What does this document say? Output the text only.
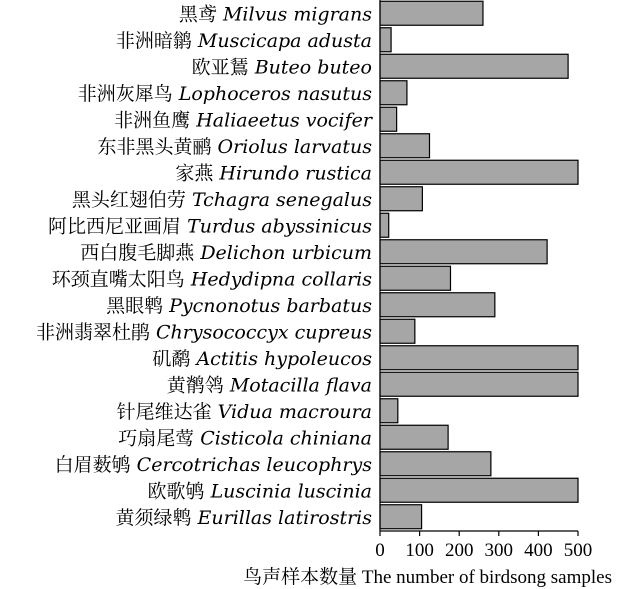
黑鸢 Milvus migrans
非洲暗鹟 Muscicapa adusta
欧亚鵟 Buteo buteo
非洲灰犀鸟 Lophoceros nasutus
非洲鱼鹰 Haliaeetus vocifer
东非黑头黄鹂 Oriolus larvatus
家燕 Hirundo rustica
黑头红翅伯劳 Tchagra senegalus
阿比西尼亚画眉 Turdus abyssinicus
西白腹毛脚燕 Delichon urbicum
环颈直嘴太阳鸟 Hedydipna collaris
黑眼鹎 Pycnonotus barbatus
非洲翡翠杜鹃 Chrysococcyx cupreus
矶鹬 Actitis hypoleucos
黄鹡鸰 Motacilla flava
针尾维达雀 Vidua macroura
巧扇尾莺 Cisticola chiniana
白眉薮鸲 Cercotrichas leucophrys
欧歌鸲 Luscinia luscinia
黄须绿鹎 Eurillas latirostris
0 100 200 300 400 500
鸟声样本数量 The number of birdsong samples
